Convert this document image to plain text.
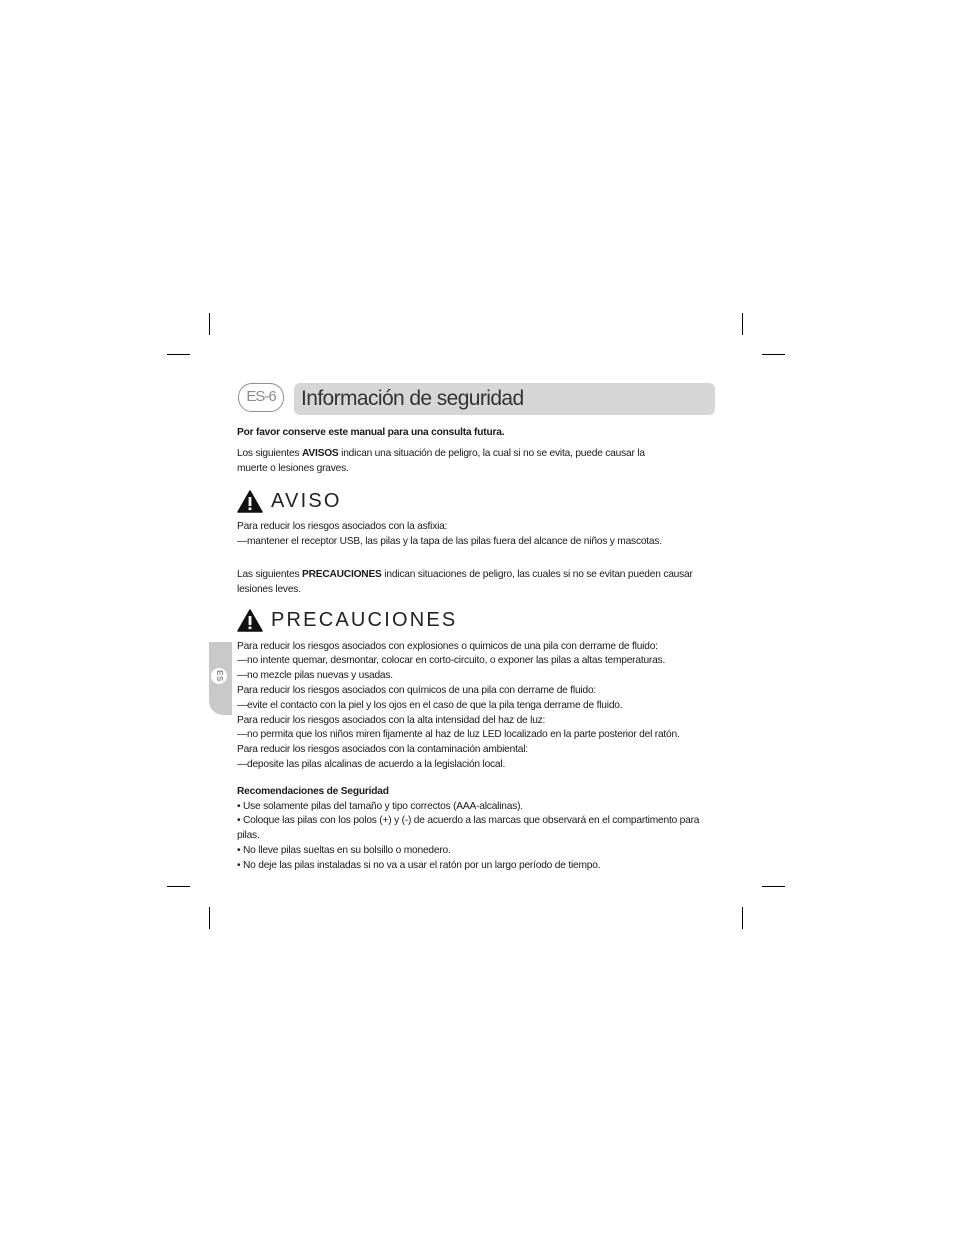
ES
ES-6	Información de seguridad

Por favor conserve este manual para una consulta futura.

Los siguientes AVISOS indican una situación de peligro, la cual si no se evita, puede causar la

muerte o lesiones graves.

AVISO

Para reducir los riesgos asociados con la asfixia:

—mantener el receptor USB, las pilas y la tapa de las pilas fuera del alcance de niños y mascotas.

Las siguientes PRECAUCIONES indican situaciones de peligro, las cuales si no se evitan pueden causar

lesiones leves.

PRECAUCIONES

Para reducir los riesgos asociados con explosiones o quimicos de una pila con derrame de fluido:

—no intente quemar, desmontar, colocar en corto-circuito, o exponer las pilas a altas temperaturas.

—no mezcle pilas nuevas y usadas.

Para reducir los riesgos asociados con químicos de una pila con derrame de fluido:

—evite el contacto con la piel y los ojos en el caso de que la pila tenga derrame de fluido.

Para reducir los riesgos asociados con la alta intensidad del haz de luz:

—no permita que los niños miren fijamente al haz de luz LED localizado en la parte posterior del ratón.

Para reducir los riesgos asociados con la contaminación ambiental:

—deposite las pilas alcalinas de acuerdo a la legislación local.

Recomendaciones de Seguridad

• Use solamente pilas del tamaño y tipo correctos (AAA-alcalinas).

• Coloque las pilas con los polos (+) y (-) de acuerdo a las marcas que observará en el compartimento para pilas.

• No lleve pilas sueltas en su bolsillo o monedero.

• No deje las pilas instaladas si no va a usar el ratón por un largo período de tiempo.
